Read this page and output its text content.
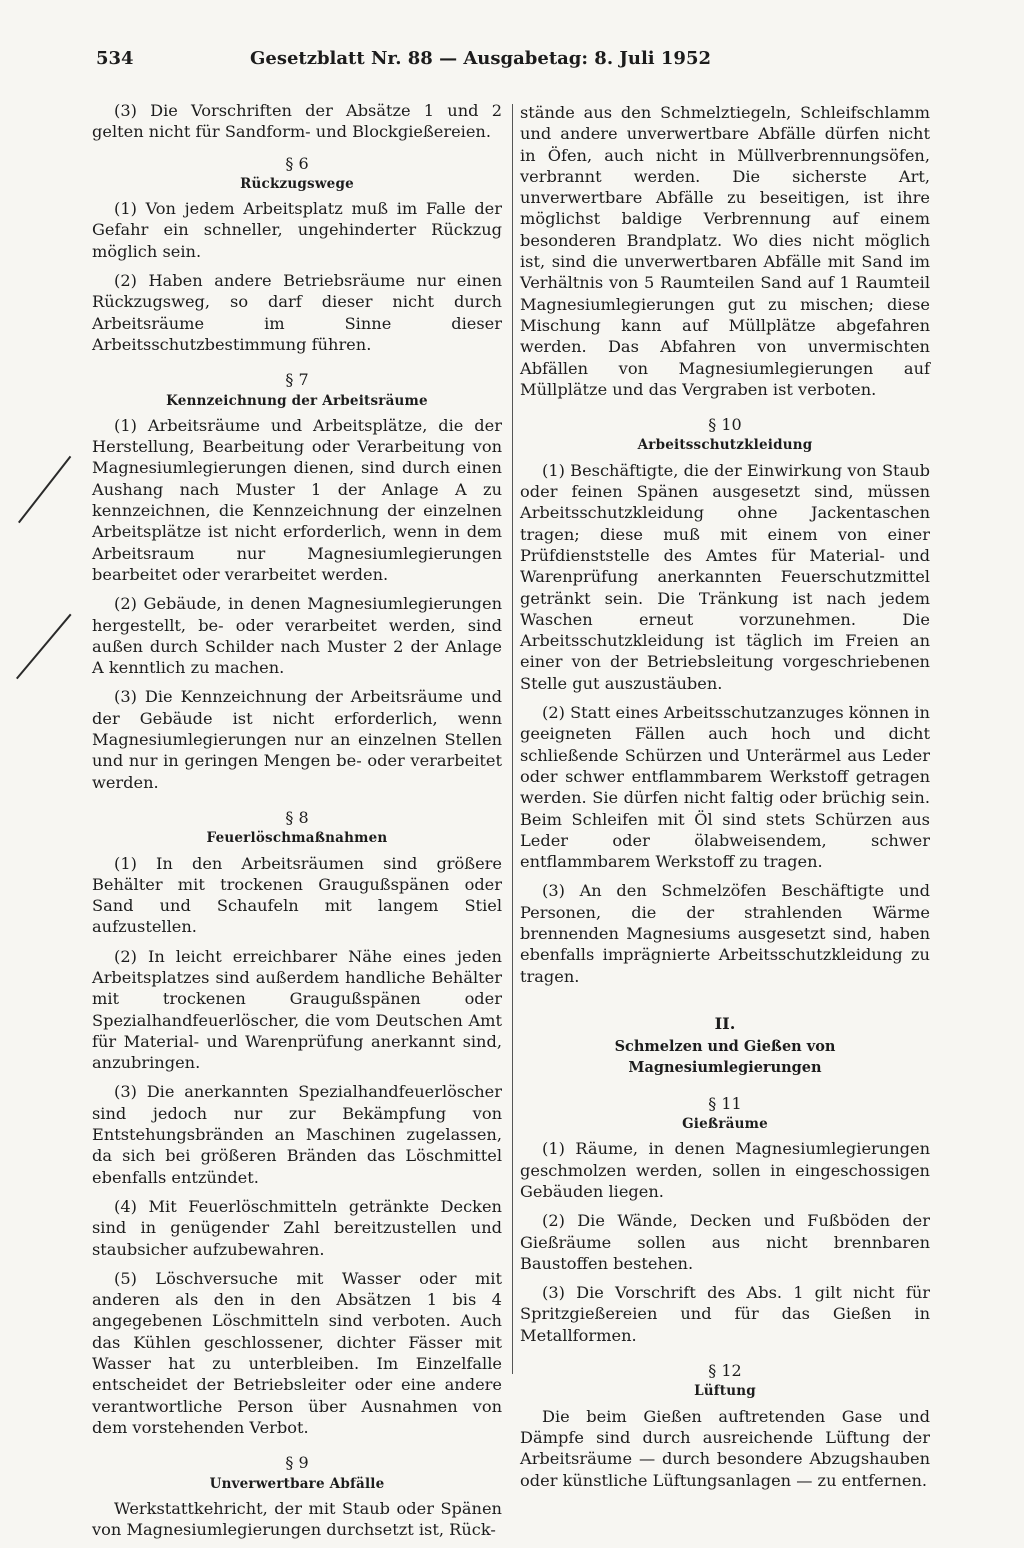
534	Gesetzblatt Nr. 88 — Ausgabetag: 8. Juli 1952

(3) Die Vorschriften der Absätze 1 und 2 gelten nicht für Sandform- und Blockgießereien.

§ 6
Rückzugswege

(1) Von jedem Arbeitsplatz muß im Falle der Gefahr ein schneller, ungehinderter Rückzug möglich sein.

(2) Haben andere Betriebsräume nur einen Rückzugsweg, so darf dieser nicht durch Arbeitsräume im Sinne dieser Arbeitsschutzbestimmung führen.

§ 7
Kennzeichnung der Arbeitsräume

(1) Arbeitsräume und Arbeitsplätze, die der Herstellung, Bearbeitung oder Verarbeitung von Magnesiumlegierungen dienen, sind durch einen Aushang nach Muster 1 der Anlage A zu kennzeichnen, die Kennzeichnung der einzelnen Arbeitsplätze ist nicht erforderlich, wenn in dem Arbeitsraum nur Magnesiumlegierungen bearbeitet oder verarbeitet werden.

(2) Gebäude, in denen Magnesiumlegierungen hergestellt, be- oder verarbeitet werden, sind außen durch Schilder nach Muster 2 der Anlage A kenntlich zu machen.

(3) Die Kennzeichnung der Arbeitsräume und der Gebäude ist nicht erforderlich, wenn Magnesiumlegierungen nur an einzelnen Stellen und nur in geringen Mengen be- oder verarbeitet werden.

§ 8
Feuerlöschmaßnahmen

(1) In den Arbeitsräumen sind größere Behälter mit trockenen Graugußspänen oder Sand und Schaufeln mit langem Stiel aufzustellen.

(2) In leicht erreichbarer Nähe eines jeden Arbeitsplatzes sind außerdem handliche Behälter mit trockenen Graugußspänen oder Spezialhandfeuerlöscher, die vom Deutschen Amt für Material- und Warenprüfung anerkannt sind, anzubringen.

(3) Die anerkannten Spezialhandfeuerlöscher sind jedoch nur zur Bekämpfung von Entstehungsbränden an Maschinen zugelassen, da sich bei größeren Bränden das Löschmittel ebenfalls entzündet.

(4) Mit Feuerlöschmitteln getränkte Decken sind in genügender Zahl bereitzustellen und staubsicher aufzubewahren.

(5) Löschversuche mit Wasser oder mit anderen als den in den Absätzen 1 bis 4 angegebenen Löschmitteln sind verboten. Auch das Kühlen geschlossener, dichter Fässer mit Wasser hat zu unterbleiben. Im Einzelfalle entscheidet der Betriebsleiter oder eine andere verantwortliche Person über Ausnahmen von dem vorstehenden Verbot.

§ 9
Unverwertbare Abfälle

Werkstattkehricht, der mit Staub oder Spänen von Magnesiumlegierungen durchsetzt ist, Rück-

stände aus den Schmelztiegeln, Schleifschlamm und andere unverwertbare Abfälle dürfen nicht in Öfen, auch nicht in Müllverbrennungsöfen, verbrannt werden. Die sicherste Art, unverwertbare Abfälle zu beseitigen, ist ihre möglichst baldige Verbrennung auf einem besonderen Brandplatz. Wo dies nicht möglich ist, sind die unverwertbaren Abfälle mit Sand im Verhältnis von 5 Raumteilen Sand auf 1 Raumteil Magnesiumlegierungen gut zu mischen; diese Mischung kann auf Müllplätze abgefahren werden. Das Abfahren von unvermischten Abfällen von Magnesiumlegierungen auf Müllplätze und das Vergraben ist verboten.

§ 10
Arbeitsschutzkleidung

(1) Beschäftigte, die der Einwirkung von Staub oder feinen Spänen ausgesetzt sind, müssen Arbeitsschutzkleidung ohne Jackentaschen tragen; diese muß mit einem von einer Prüfdienststelle des Amtes für Material- und Warenprüfung anerkannten Feuerschutzmittel getränkt sein. Die Tränkung ist nach jedem Waschen erneut vorzunehmen. Die Arbeitsschutzkleidung ist täglich im Freien an einer von der Betriebsleitung vorgeschriebenen Stelle gut auszustäuben.

(2) Statt eines Arbeitsschutzanzuges können in geeigneten Fällen auch hoch und dicht schließende Schürzen und Unterärmel aus Leder oder schwer entflammbarem Werkstoff getragen werden. Sie dürfen nicht faltig oder brüchig sein. Beim Schleifen mit Öl sind stets Schürzen aus Leder oder ölabweisendem, schwer entflammbarem Werkstoff zu tragen.

(3) An den Schmelzöfen Beschäftigte und Personen, die der strahlenden Wärme brennenden Magnesiums ausgesetzt sind, haben ebenfalls imprägnierte Arbeitsschutzkleidung zu tragen.

II.
Schmelzen und Gießen von Magnesiumlegierungen
§ 11
Gießräume

(1) Räume, in denen Magnesiumlegierungen geschmolzen werden, sollen in eingeschossigen Gebäuden liegen.

(2) Die Wände, Decken und Fußböden der Gießräume sollen aus nicht brennbaren Baustoffen bestehen.

(3) Die Vorschrift des Abs. 1 gilt nicht für Spritzgießereien und für das Gießen in Metallformen.

§ 12
Lüftung

Die beim Gießen auftretenden Gase und Dämpfe sind durch ausreichende Lüftung der Arbeitsräume — durch besondere Abzugshauben oder künstliche Lüftungsanlagen — zu entfernen.
